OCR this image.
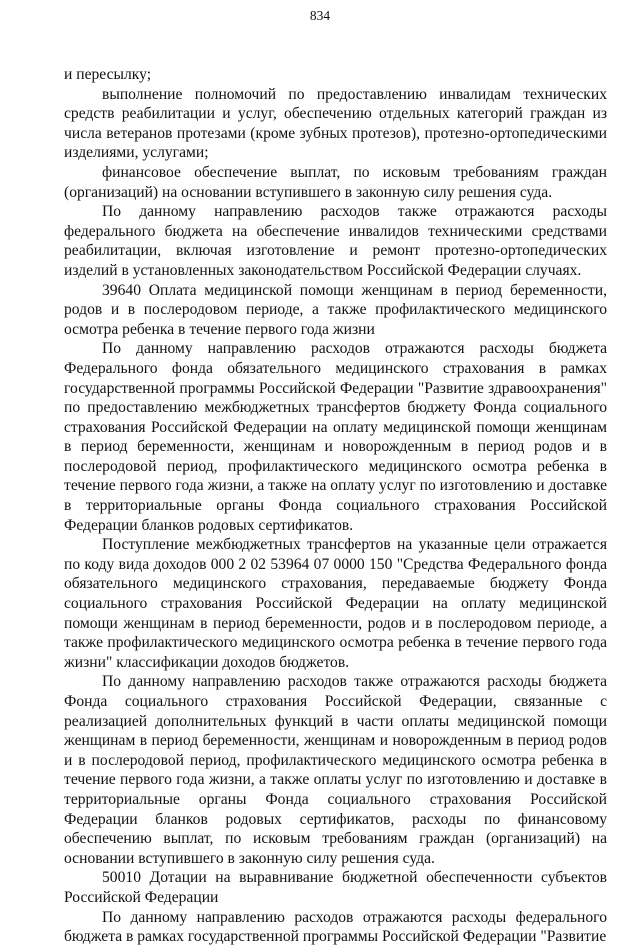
834

и пересылку;

выполнение полномочий по предоставлению инвалидам технических средств реабилитации и услуг, обеспечению отдельных категорий граждан из числа ветеранов протезами (кроме зубных протезов), протезно-ортопедическими изделиями, услугами;

финансовое обеспечение выплат, по исковым требованиям граждан (организаций) на основании вступившего в законную силу решения суда.

По данному направлению расходов также отражаются расходы федерального бюджета на обеспечение инвалидов техническими средствами реабилитации, включая изготовление и ремонт протезно-ортопедических изделий в установленных законодательством Российской Федерации случаях.

39640 Оплата медицинской помощи женщинам в период беременности, родов и в послеродовом периоде, а также профилактического медицинского осмотра ребенка в течение первого года жизни

По данному направлению расходов отражаются расходы бюджета Федерального фонда обязательного медицинского страхования в рамках государственной программы Российской Федерации "Развитие здравоохранения" по предоставлению межбюджетных трансфертов бюджету Фонда социального страхования Российской Федерации на оплату медицинской помощи женщинам в период беременности, женщинам и новорожденным в период родов и в послеродовой период, профилактического медицинского осмотра ребенка в течение первого года жизни, а также на оплату услуг по изготовлению и доставке в территориальные органы Фонда социального страхования Российской Федерации бланков родовых сертификатов.

Поступление межбюджетных трансфертов на указанные цели отражается по коду вида доходов 000 2 02 53964 07 0000 150 "Средства Федерального фонда обязательного медицинского страхования, передаваемые бюджету Фонда социального страхования Российской Федерации на оплату медицинской помощи женщинам в период беременности, родов и в послеродовом периоде, а также профилактического медицинского осмотра ребенка в течение первого года жизни" классификации доходов бюджетов.

По данному направлению расходов также отражаются расходы бюджета Фонда социального страхования Российской Федерации, связанные с реализацией дополнительных функций в части оплаты медицинской помощи женщинам в период беременности, женщинам и новорожденным в период родов и в послеродовой период, профилактического медицинского осмотра ребенка в течение первого года жизни, а также оплаты услуг по изготовлению и доставке в территориальные органы Фонда социального страхования Российской Федерации бланков родовых сертификатов, расходы по финансовому обеспечению выплат, по исковым требованиям граждан (организаций) на основании вступившего в законную силу решения суда.

50010 Дотации на выравнивание бюджетной обеспеченности субъектов Российской Федерации

По данному направлению расходов отражаются расходы федерального бюджета в рамках государственной программы Российской Федерации "Развитие
